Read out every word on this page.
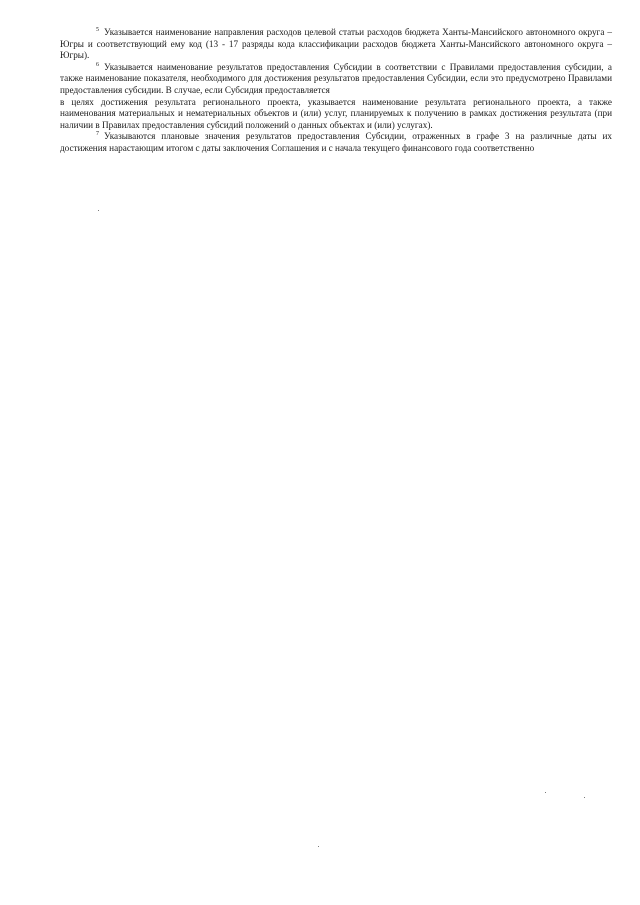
$^5$ Указывается наименование направления расходов целевой статьи расходов бюджета Ханты-Мансийского автономного округа – Югры и соответствующий ему код (13 - 17 разряды кода классификации расходов бюджета Ханты-Мансийского автономного округа – Югры).

$^6$ Указывается наименование результатов предоставления Субсидии в соответствии с Правилами предоставления субсидии, а также наименование показателя, необходимого для достижения результатов предоставления Субсидии, если это предусмотрено Правилами предоставления субсидии. В случае, если Субсидия предоставляется

в целях достижения результата регионального проекта, указывается наименование результата регионального проекта, а также наименования материальных и нематериальных объектов и (или) услуг, планируемых к получению в рамках достижения результата (при наличии в Правилах предоставления субсидий положений о данных объектах и (или) услугах).

$^7$ Указываются плановые значения результатов предоставления Субсидии, отраженных в графе 3 на различные даты их достижения нарастающим итогом с даты заключения Соглашения и с начала текущего финансового года соответственно
